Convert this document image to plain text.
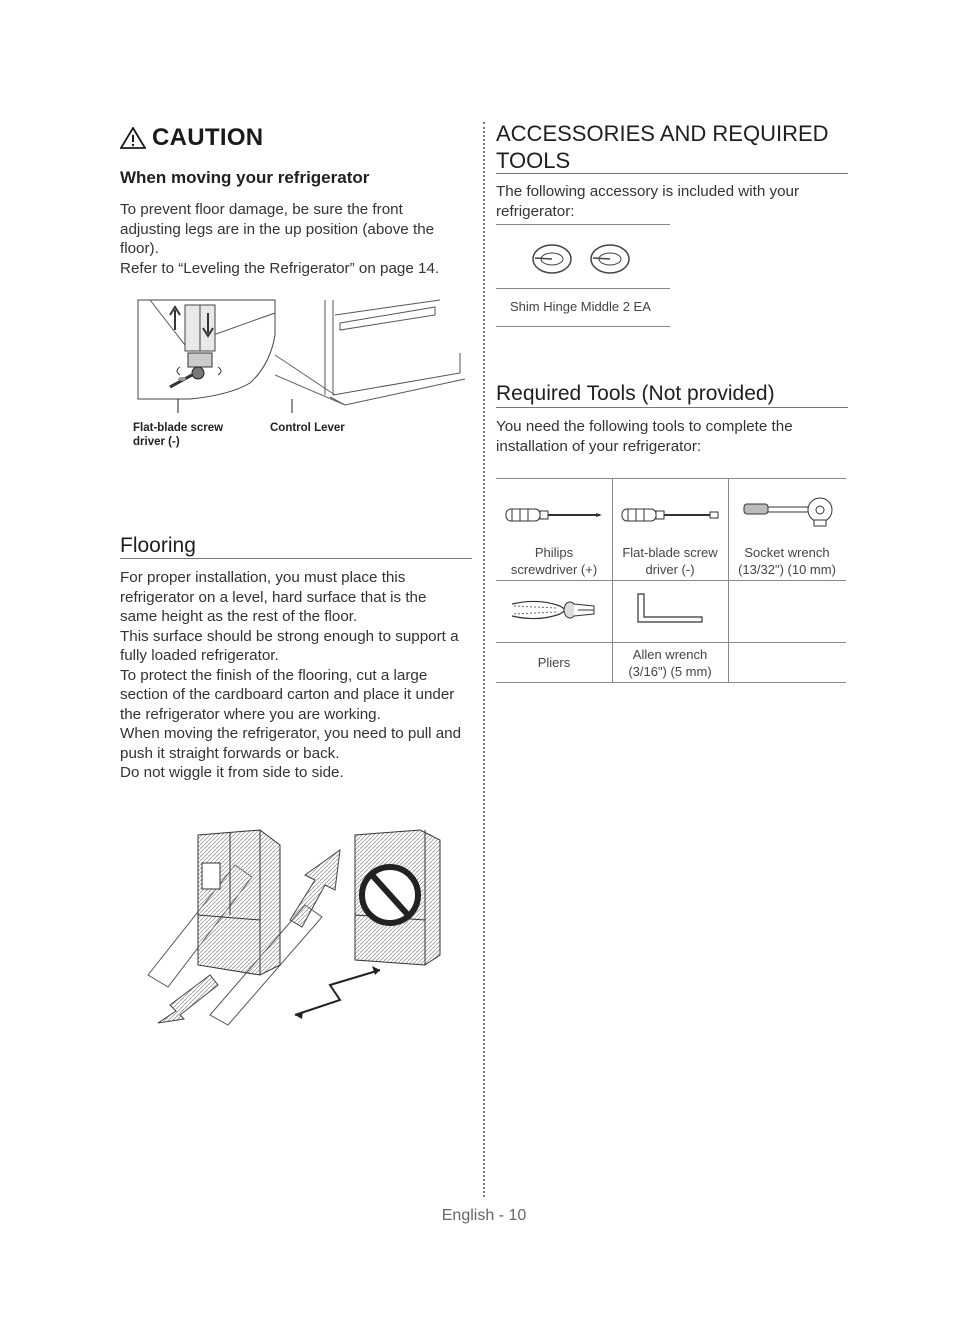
CAUTION
When moving your refrigerator
To prevent floor damage, be sure the front
adjusting legs are in the up position (above the
floor).
Refer to “Leveling the Refrigerator” on page 14.
Flat-blade screw
driver (-)
Control Lever
Flooring
For proper installation, you must place this
refrigerator on a level, hard surface that is the
same height as the rest of the floor.
This surface should be strong enough to support a
fully loaded refrigerator.
To protect the finish of the flooring, cut a large
section of the cardboard carton and place it under
the refrigerator where you are working.
When moving the refrigerator, you need to pull and
push it straight forwards or back.
Do not wiggle it from side to side.
ACCESSORIES AND REQUIRED
TOOLS
The following accessory is included with your
refrigerator:
Shim Hinge Middle 2 EA
Required Tools (Not provided)
You need the following tools to complete the
installation of your refrigerator:
Philips
screwdriver (+)
Flat-blade screw
driver (-)
Socket wrench
(13/32") (10 mm)
Pliers
Allen wrench
(3/16") (5 mm)
English - 10
